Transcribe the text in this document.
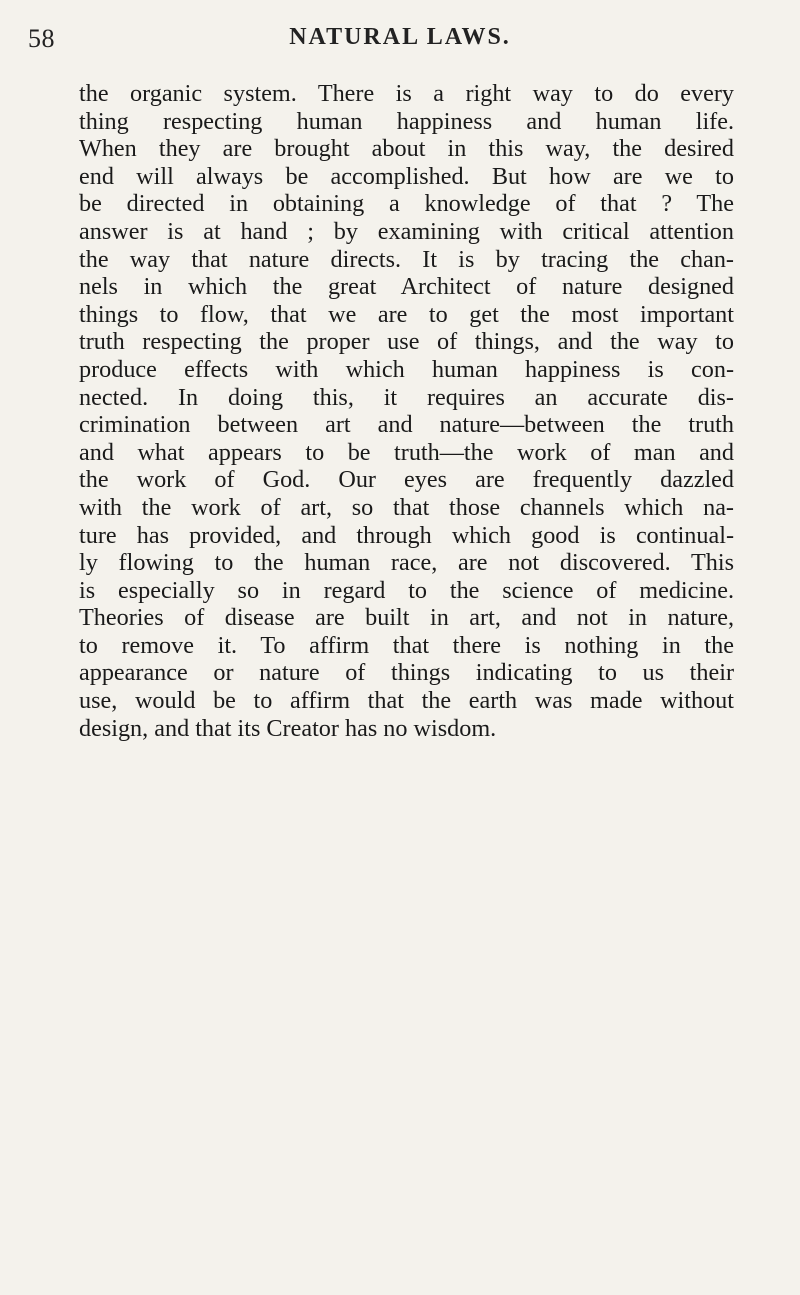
58	NATURAL LAWS.
the organic system. There is a right way to do every
thing respecting human happiness and human life.
When they are brought about in this way, the desired
end will always be accomplished. But how are we to
be directed in obtaining a knowledge of that ? The
answer is at hand ; by examining with critical attention
the way that nature directs. It is by tracing the chan-
nels in which the great Architect of nature designed
things to flow, that we are to get the most important
truth respecting the proper use of things, and the way to
produce effects with which human happiness is con-
nected. In doing this, it requires an accurate dis-
crimination between art and nature—between the truth
and what appears to be truth—the work of man and
the work of God. Our eyes are frequently dazzled
with the work of art, so that those channels which na-
ture has provided, and through which good is continual-
ly flowing to the human race, are not discovered. This
is especially so in regard to the science of medicine.
Theories of disease are built in art, and not in nature,
to remove it. To affirm that there is nothing in the
appearance or nature of things indicating to us their
use, would be to affirm that the earth was made without
design, and that its Creator has no wisdom.
